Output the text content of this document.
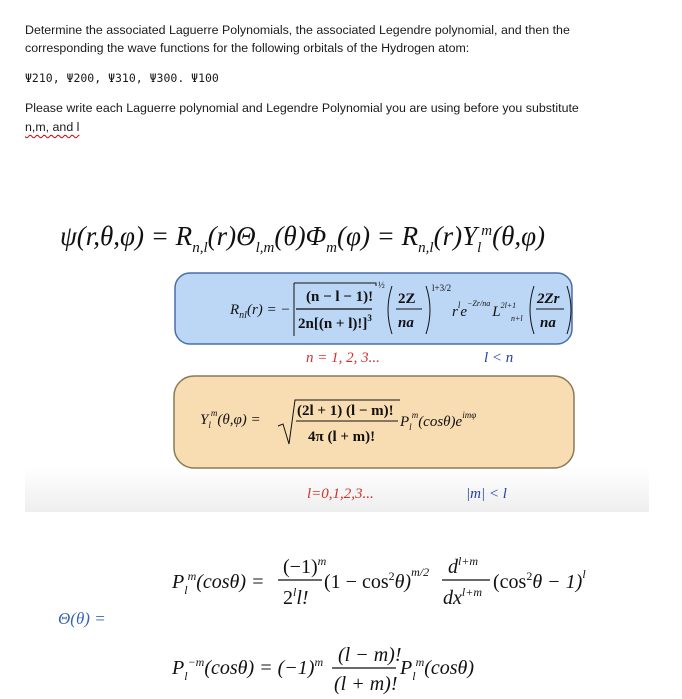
Determine the associated Laguerre Polynomials, the associated Legendre polynomial, and then the
corresponding the wave functions for the following orbitals of the Hydrogen atom:
Ψ210, Ψ200, Ψ310, Ψ300. Ψ100
Please write each Laguerre polynomial and Legendre Polynomial you are using before you substitute
n,m, and l
$\psi(r,\theta,\varphi) = R_{n,l}(r)\Theta_{l,m}(\theta)\Phi_m(\varphi) = R_{n,l}(r)Y_l^m(\theta,\varphi)$
$R_{nl}(r)$ = −
(n − l − 1)!
$2n[(n + l)!]^3$
½
2Z
na
l+3/2
$r^le^{-Zr/na}L^{2l+1}$
n+l
2Zr
na
n = 1, 2, 3...	l < n
$Y_l^m(\theta,\varphi)$ =
(2l + 1) (l − m)!
4π (l + m)!
$P_l^m(\cos\theta)e^{im\varphi}$
l=0,1,2,3...	|m| < l
$P_l^m(\cos\theta)$ =
$(-1)^m$
2$^l$l!
$(1 - \cos^2\theta)^{m/2}$ $d^{l+m}$
$dx^{l+m}$ $(\cos^2\theta - 1)^l$
Θ(θ) =
$P_l^{-m}(\cos\theta) = (-1)^m$ (l − m)!
(l + m)!
$P_l^m(\cos\theta)$
